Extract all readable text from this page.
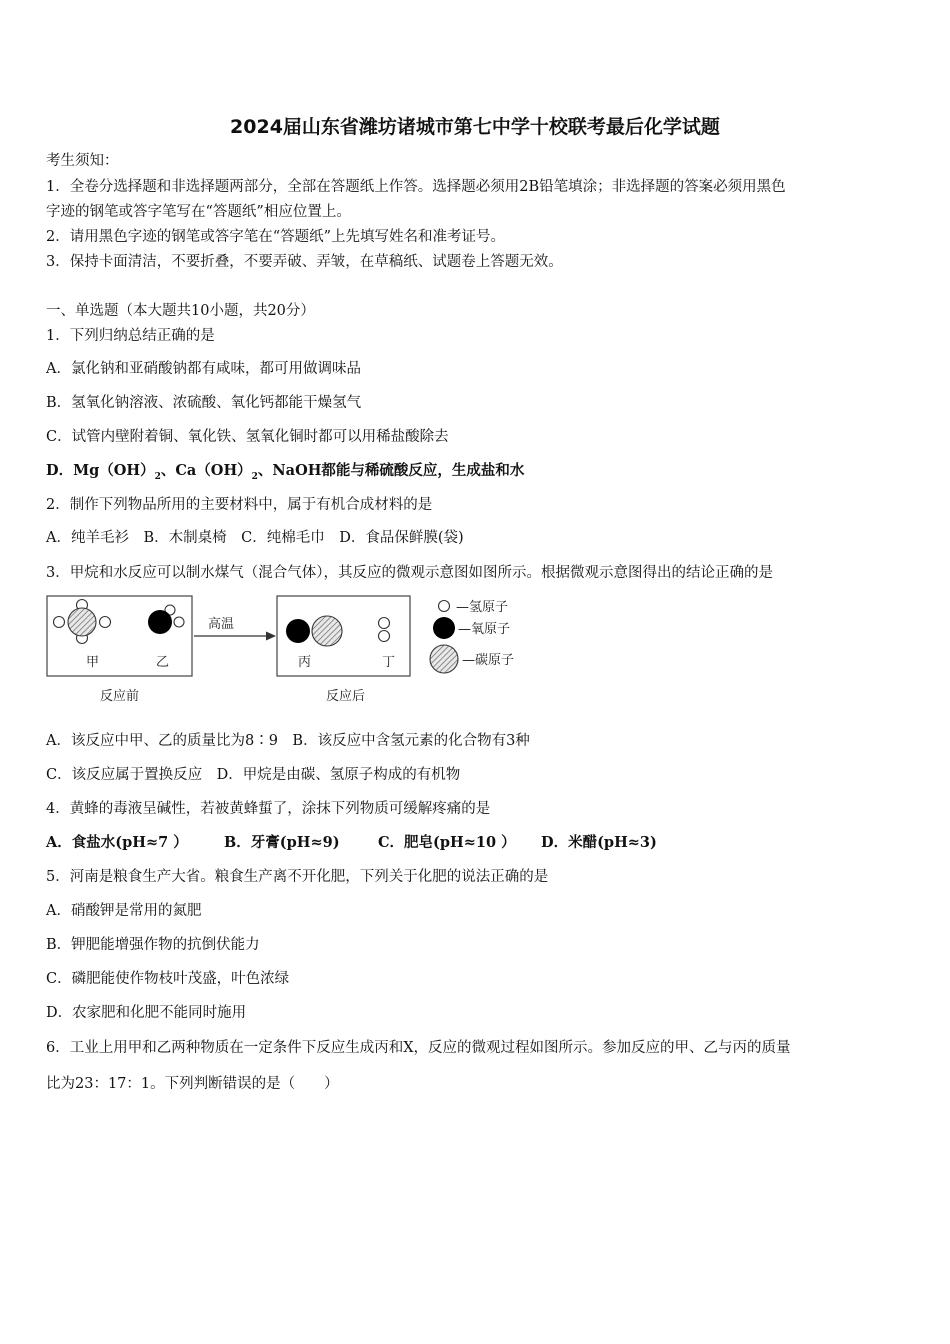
2024届山东省潍坊诸城市第七中学十校联考最后化学试题
考生须知：
1．全卷分选择题和非选择题两部分，全部在答题纸上作答。选择题必须用2B铅笔填涂；非选择题的答案必须用黑色
字迹的钢笔或答字笔写在“答题纸”相应位置上。
2．请用黑色字迹的钢笔或答字笔在“答题纸”上先填写姓名和准考证号。
3．保持卡面清洁，不要折叠，不要弄破、弄皱，在草稿纸、试题卷上答题无效。
一、单选题（本大题共10小题，共20分）
1．下列归纳总结正确的是
A．氯化钠和亚硝酸钠都有咸味，都可用做调味品
B．氢氧化钠溶液、浓硫酸、氧化钙都能干燥氢气
C．试管内壁附着铜、氧化铁、氢氧化铜时都可以用稀盐酸除去
D．$Mg(OH)_2$、$Ca(OH)_2$、NaOH都能与稀硫酸反应，生成盐和水
2．制作下列物品所用的主要材料中，属于有机合成材料的是
A．纯羊毛衫　B．木制桌椅　C．纯棉毛巾　D．食品保鲜膜(袋)
3．甲烷和水反应可以制水煤气（混合气体），其反应的微观示意图如图所示。根据微观示意图得出的结论正确的是
甲	乙
反应前
高温
丙	丁
反应后
—氢原子
—氧原子
—碳原子
A．该反应中甲、乙的质量比为8∶9　B．该反应中含氢元素的化合物有3种
C．该反应属于置换反应　D．甲烷是由碳、氢原子构成的有机物
4．黄蜂的毒液呈碱性，若被黄蜂蜇了，涂抹下列物质可缓解疼痛的是
A．食盐水(pH≈7 ）	B．牙膏(pH≈9)	C．肥皂(pH≈10 ） D．米醋(pH≈3)
5．河南是粮食生产大省。粮食生产离不开化肥，下列关于化肥的说法正确的是
A．硝酸钾是常用的氮肥
B．钾肥能增强作物的抗倒伏能力
C．磷肥能使作物枝叶茂盛，叶色浓绿
D．农家肥和化肥不能同时施用
6．工业上用甲和乙两种物质在一定条件下反应生成丙和X，反应的微观过程如图所示。参加反应的甲、乙与丙的质量
比为23：17：1。下列判断错误的是（　　）
